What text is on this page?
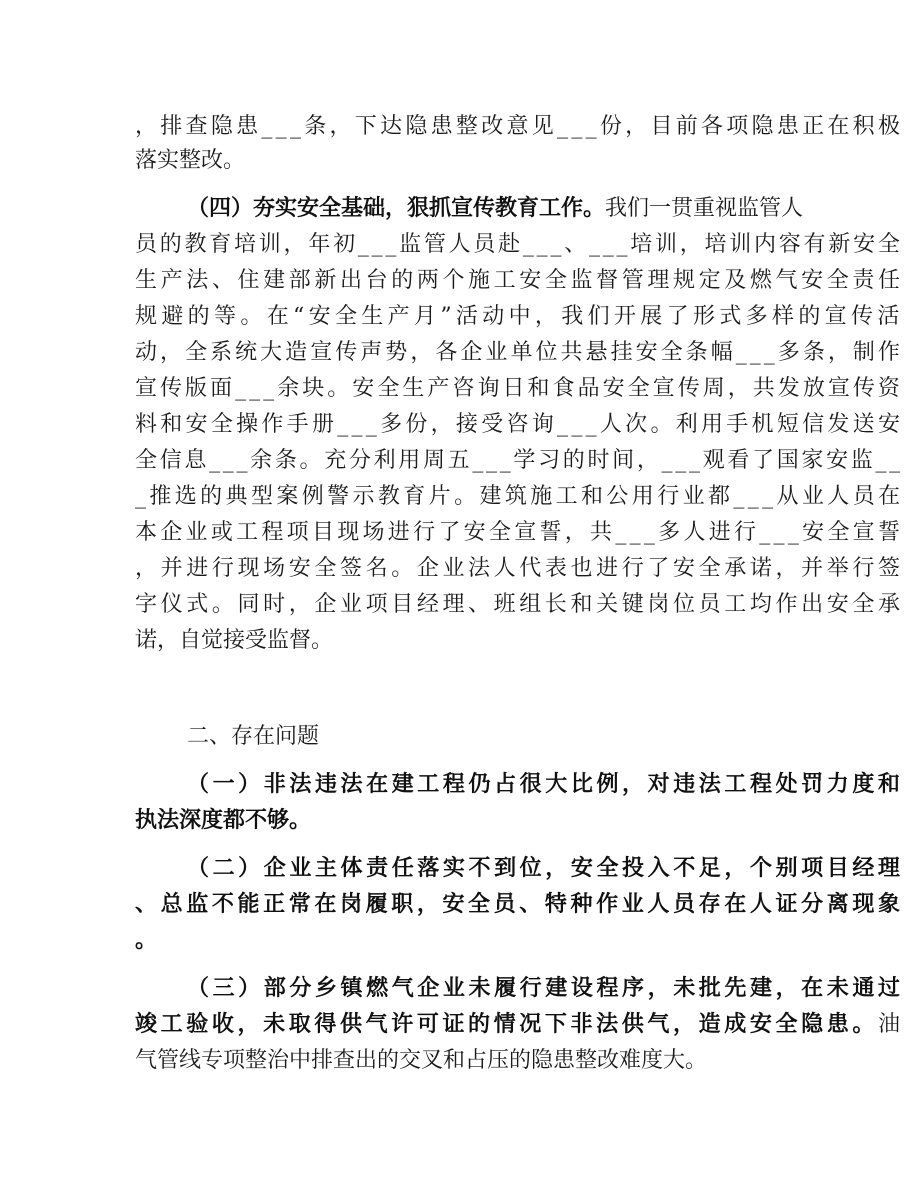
，排查隐患___条，下达隐患整改意见___份，目前各项隐患正在积极
落实整改。
（四）夯实安全基础，狠抓宣传教育工作。我们一贯重视监管人
员的教育培训，年初___监管人员赴___、___培训，培训内容有新安全
生产法、住建部新出台的两个施工安全监督管理规定及燃气安全责任
规避的等。在“安全生产月”活动中，我们开展了形式多样的宣传活
动，全系统大造宣传声势，各企业单位共悬挂安全条幅___多条，制作
宣传版面___余块。安全生产咨询日和食品安全宣传周，共发放宣传资
料和安全操作手册___多份，接受咨询___人次。利用手机短信发送安
全信息___余条。充分利用周五___学习的时间，___观看了国家安监__
_推选的典型案例警示教育片。建筑施工和公用行业都___从业人员在
本企业或工程项目现场进行了安全宣誓，共___多人进行___安全宣誓
，并进行现场安全签名。企业法人代表也进行了安全承诺，并举行签
字仪式。同时，企业项目经理、班组长和关键岗位员工均作出安全承
诺，自觉接受监督。
二、存在问题
（一）非法违法在建工程仍占很大比例，对违法工程处罚力度和
执法深度都不够。
（二）企业主体责任落实不到位，安全投入不足，个别项目经理
、总监不能正常在岗履职，安全员、特种作业人员存在人证分离现象
。
（三）部分乡镇燃气企业未履行建设程序，未批先建，在未通过
竣工验收，未取得供气许可证的情况下非法供气，造成安全隐患。油
气管线专项整治中排查出的交叉和占压的隐患整改难度大。
